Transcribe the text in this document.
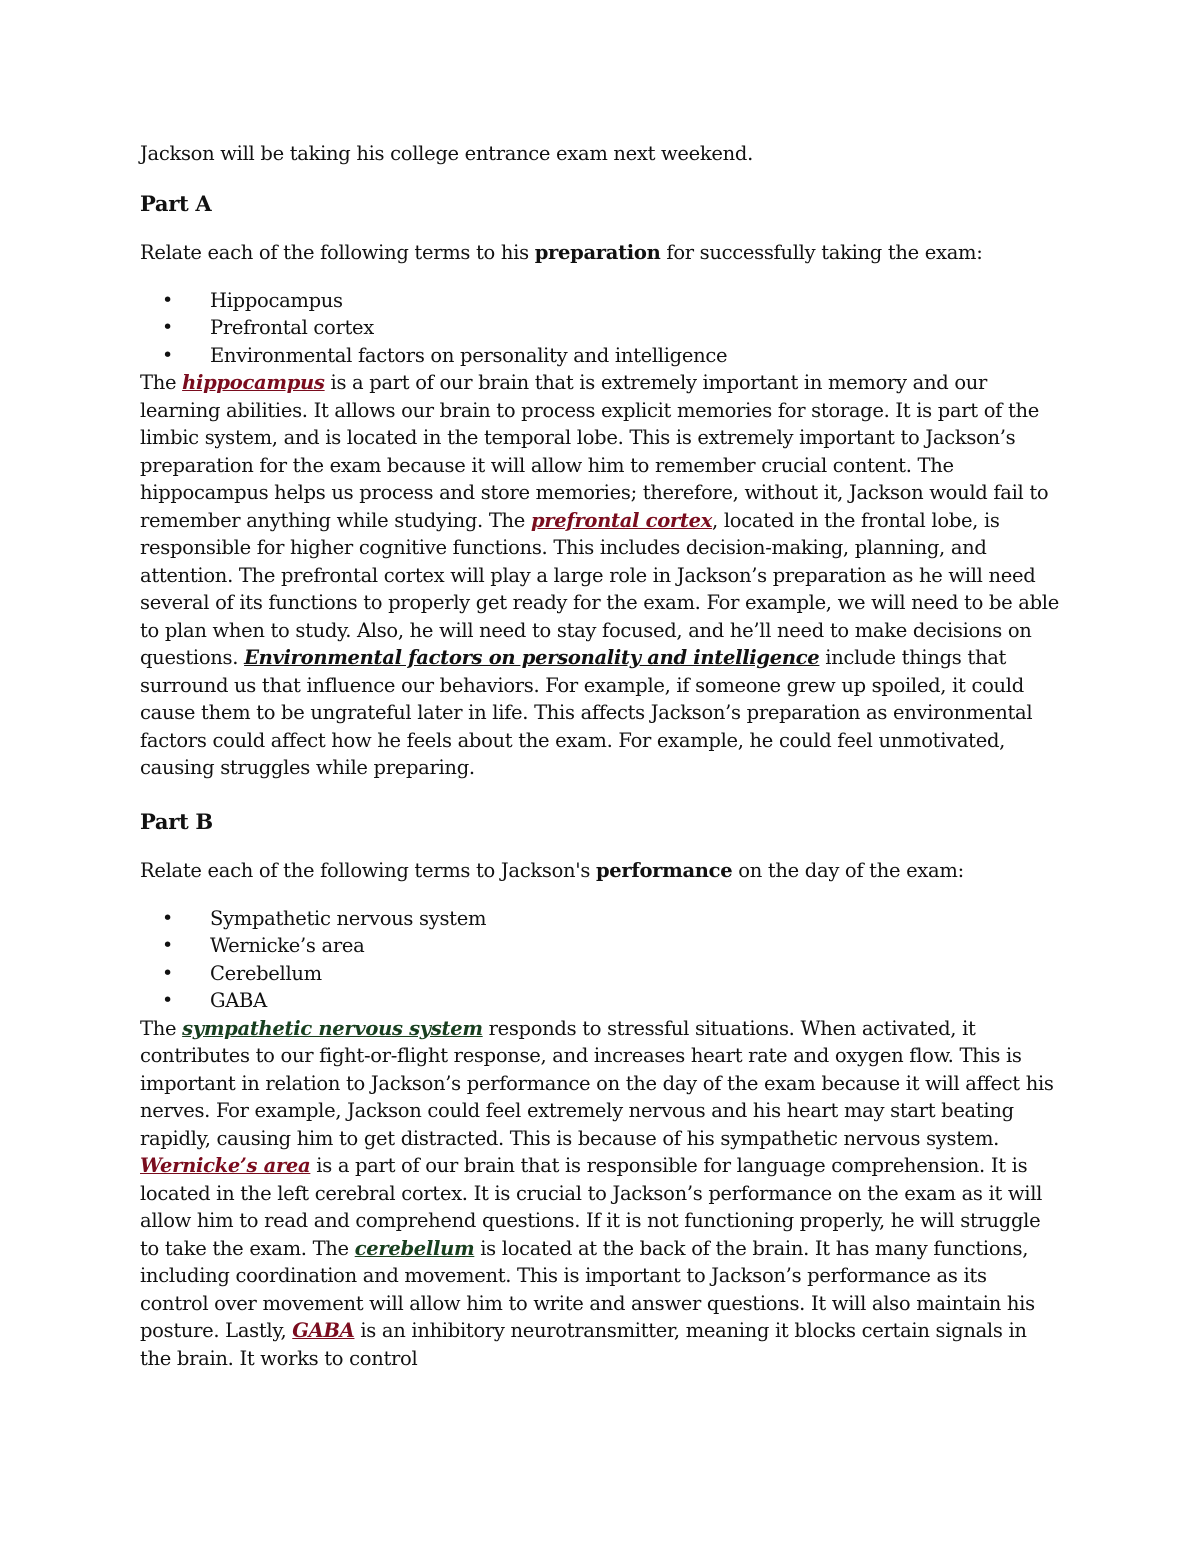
Jackson will be taking his college entrance exam next weekend.

Part A

Relate each of the following terms to his preparation for successfully taking the exam:

• Hippocampus
• Prefrontal cortex
• Environmental factors on personality and intelligence

The hippocampus is a part of our brain that is extremely important in memory and our learning abilities. It allows our brain to process explicit memories for storage. It is part of the limbic system, and is located in the temporal lobe. This is extremely important to Jackson’s preparation for the exam because it will allow him to remember crucial content. The hippocampus helps us process and store memories; therefore, without it, Jackson would fail to remember anything while studying. The prefrontal cortex, located in the frontal lobe, is responsible for higher cognitive functions. This includes decision-making, planning, and attention. The prefrontal cortex will play a large role in Jackson’s preparation as he will need several of its functions to properly get ready for the exam. For example, we will need to be able to plan when to study. Also, he will need to stay focused, and he’ll need to make decisions on questions. Environmental factors on personality and intelligence include things that surround us that influence our behaviors. For example, if someone grew up spoiled, it could cause them to be ungrateful later in life. This affects Jackson’s preparation as environmental factors could affect how he feels about the exam. For example, he could feel unmotivated, causing struggles while preparing.

Part B

Relate each of the following terms to Jackson's performance on the day of the exam:

• Sympathetic nervous system
• Wernicke’s area
• Cerebellum
• GABA

The sympathetic nervous system responds to stressful situations. When activated, it contributes to our fight-or-flight response, and increases heart rate and oxygen flow. This is important in relation to Jackson’s performance on the day of the exam because it will affect his nerves. For example, Jackson could feel extremely nervous and his heart may start beating rapidly, causing him to get distracted. This is because of his sympathetic nervous system. Wernicke’s area is a part of our brain that is responsible for language comprehension. It is located in the left cerebral cortex. It is crucial to Jackson’s performance on the exam as it will allow him to read and comprehend questions. If it is not functioning properly, he will struggle to take the exam. The cerebellum is located at the back of the brain. It has many functions, including coordination and movement. This is important to Jackson’s performance as its control over movement will allow him to write and answer questions. It will also maintain his posture. Lastly, GABA is an inhibitory neurotransmitter, meaning it blocks certain signals in the brain. It works to control
